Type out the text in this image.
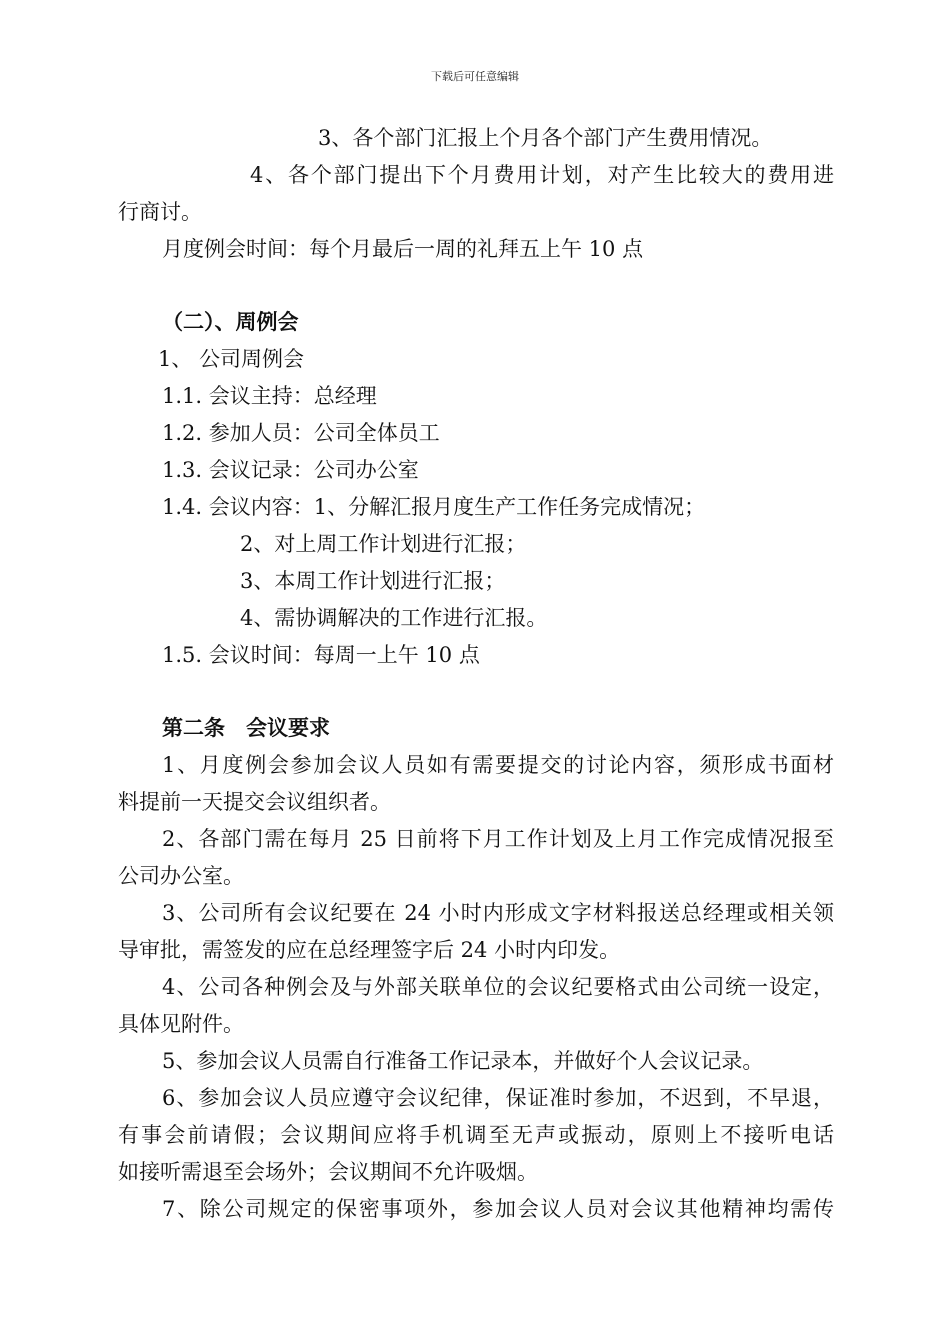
下载后可任意编辑
3、各个部门汇报上个月各个部门产生费用情况。
4、各个部门提出下个月费用计划，对产生比较大的费用进
行商讨。
月度例会时间：每个月最后一周的礼拜五上午 10 点
（二）、周例会
1、 公司周例会
1.1. 会议主持：总经理
1.2. 参加人员：公司全体员工
1.3. 会议记录：公司办公室
1.4. 会议内容：1、分解汇报月度生产工作任务完成情况；
2、对上周工作计划进行汇报；
3、本周工作计划进行汇报；
4、需协调解决的工作进行汇报。
1.5. 会议时间：每周一上午 10 点
第二条　会议要求
1、月度例会参加会议人员如有需要提交的讨论内容，须形成书面材
料提前一天提交会议组织者。
2、各部门需在每月 25 日前将下月工作计划及上月工作完成情况报至
公司办公室。
3、公司所有会议纪要在 24 小时内形成文字材料报送总经理或相关领
导审批，需签发的应在总经理签字后 24 小时内印发。
4、公司各种例会及与外部关联单位的会议纪要格式由公司统一设定，
具体见附件。
5、参加会议人员需自行准备工作记录本，并做好个人会议记录。
6、参加会议人员应遵守会议纪律，保证准时参加，不迟到，不早退，
有事会前请假；会议期间应将手机调至无声或振动，原则上不接听电话
如接听需退至会场外；会议期间不允许吸烟。
7、除公司规定的保密事项外，参加会议人员对会议其他精神均需传
